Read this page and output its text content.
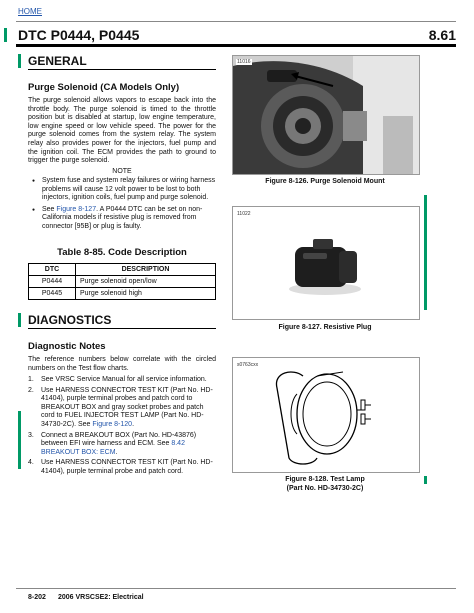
HOME
DTC P0444, P0445	8.61
GENERAL
Purge Solenoid (CA Models Only)
The purge solenoid allows vapors to escape back into the throttle body. The purge solenoid is timed to the throttle position but is disabled at startup, low engine temperature, low engine speed or low vehicle speed. The power for the purge solenoid comes from the system relay. The system relay also provides power for the injectors, fuel pump and the ignition coil. The ECM provides the path to ground to trigger the purge solenoid.
NOTE
● System fuse and system relay failures or wiring harness problems will cause 12 volt power to be lost to both injectors, ignition coils, fuel pump and purge solenoid.
● See Figure 8-127. A P0444 DTC can be set on non-California models if resistive plug is removed from connector [95B] or plug is faulty.
Table 8-85. Code Description
DTC	DESCRIPTION
P0444	Purge solenoid open/low
P0445	Purge solenoid high
DIAGNOSTICS
Diagnostic Notes
The reference numbers below correlate with the circled numbers on the Test flow charts.
1. See VRSC Service Manual for all service information.
2. Use HARNESS CONNECTOR TEST KIT (Part No. HD-41404), purple terminal probes and patch cord to BREAKOUT BOX and gray socket probes and patch cord to FUEL INJECTOR TEST LAMP (Part No. HD-34730-2C). See Figure 8-120.
3. Connect a BREAKOUT BOX (Part No. HD-43876) between EFI wire harness and ECM. See 8.42 BREAKOUT BOX: ECM.
4. Use HARNESS CONNECTOR TEST KIT (Part No. HD-41404), purple terminal probe and patch cord.
11016
Figure 8-126. Purge Solenoid Mount
11022
Figure 8-127. Resistive Plug
s0763cxx
Figure 8-128. Test Lamp
(Part No. HD-34730-2C)
8-202 2006 VRSCSE2: Electrical
